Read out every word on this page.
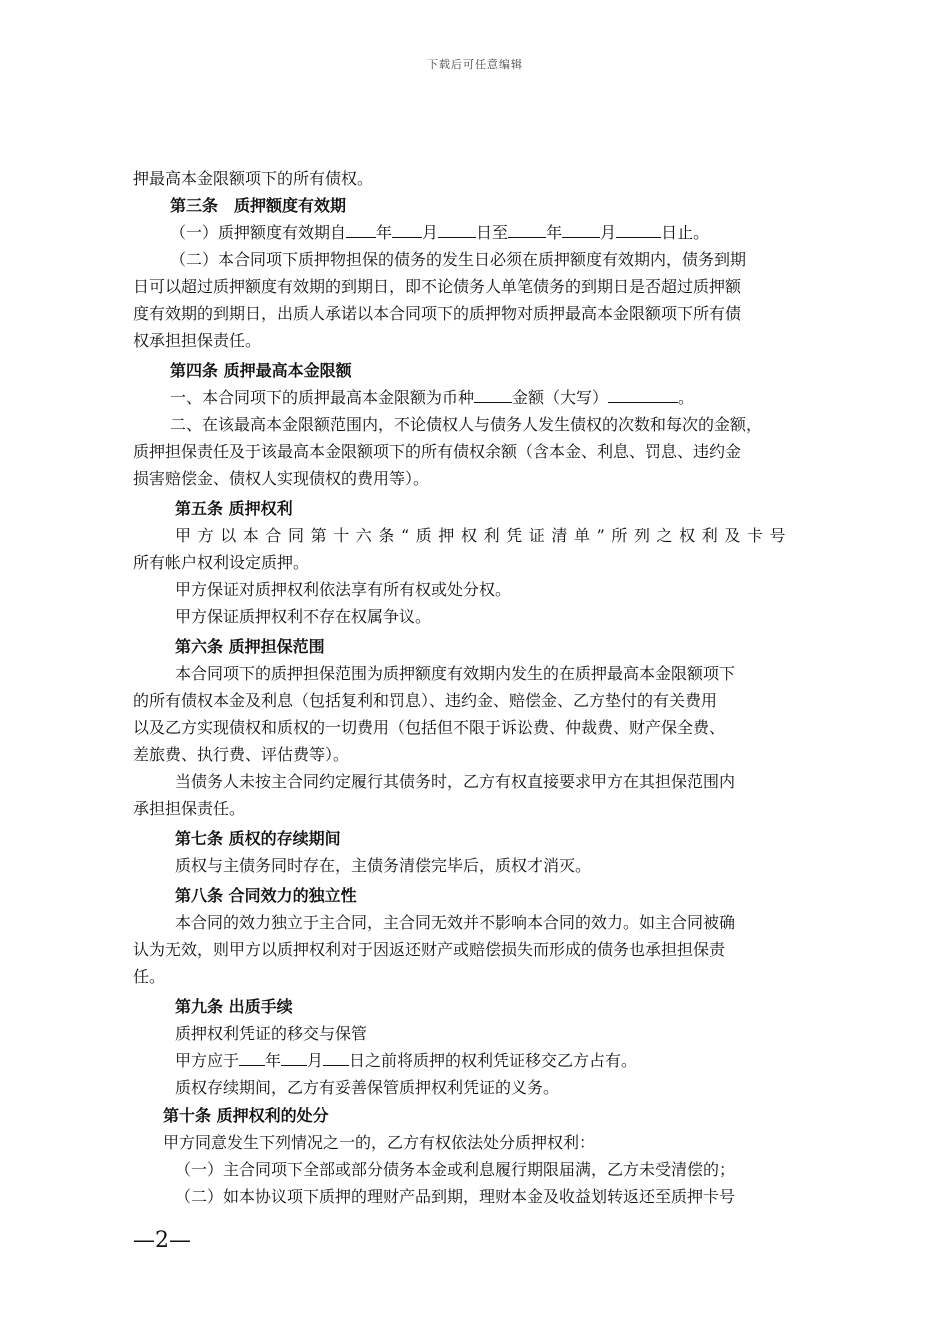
下载后可任意编辑
押最高本金限额项下的所有债权。
第三条　质押额度有效期
（一）质押额度有效期自 年 月 日至 年 月	日止。
（二）本合同项下质押物担保的债务的发生日必须在质押额度有效期内，债务到期
日可以超过质押额度有效期的到期日，即不论债务人单笔债务的到期日是否超过质押额
度有效期的到期日，出质人承诺以本合同项下的质押物对质押最高本金限额项下所有债
权承担担保责任。
第四条 质押最高本金限额
一、本合同项下的质押最高本金限额为币种 金额（大写）	。
二、在该最高本金限额范围内，不论债权人与债务人发生债权的次数和每次的金额，
质押担保责任及于该最高本金限额项下的所有债权余额（含本金、利息、罚息、违约金
损害赔偿金、债权人实现债权的费用等）。
第五条 质押权利
甲方以本合同第十六条“质押权利凭证清单”所列之权利及卡号
所有帐户权利设定质押。
甲方保证对质押权利依法享有所有权或处分权。
甲方保证质押权利不存在权属争议。
第六条 质押担保范围
本合同项下的质押担保范围为质押额度有效期内发生的在质押最高本金限额项下
的所有债权本金及利息（包括复利和罚息）、违约金、赔偿金、乙方垫付的有关费用
以及乙方实现债权和质权的一切费用（包括但不限于诉讼费、仲裁费、财产保全费、
差旅费、执行费、评估费等）。
当债务人未按主合同约定履行其债务时，乙方有权直接要求甲方在其担保范围内
承担担保责任。
第七条 质权的存续期间
质权与主债务同时存在，主债务清偿完毕后，质权才消灭。
第八条 合同效力的独立性
本合同的效力独立于主合同，主合同无效并不影响本合同的效力。如主合同被确
认为无效，则甲方以质押权利对于因返还财产或赔偿损失而形成的债务也承担担保责
任。
第九条 出质手续
质押权利凭证的移交与保管
甲方应于 年 月 日之前将质押的权利凭证移交乙方占有。
质权存续期间，乙方有妥善保管质押权利凭证的义务。
第十条 质押权利的处分
甲方同意发生下列情况之一的，乙方有权依法处分质押权利：
（一）主合同项下全部或部分债务本金或利息履行期限届满，乙方未受清偿的；
（二）如本协议项下质押的理财产品到期，理财本金及收益划转返还至质押卡号
—2—
